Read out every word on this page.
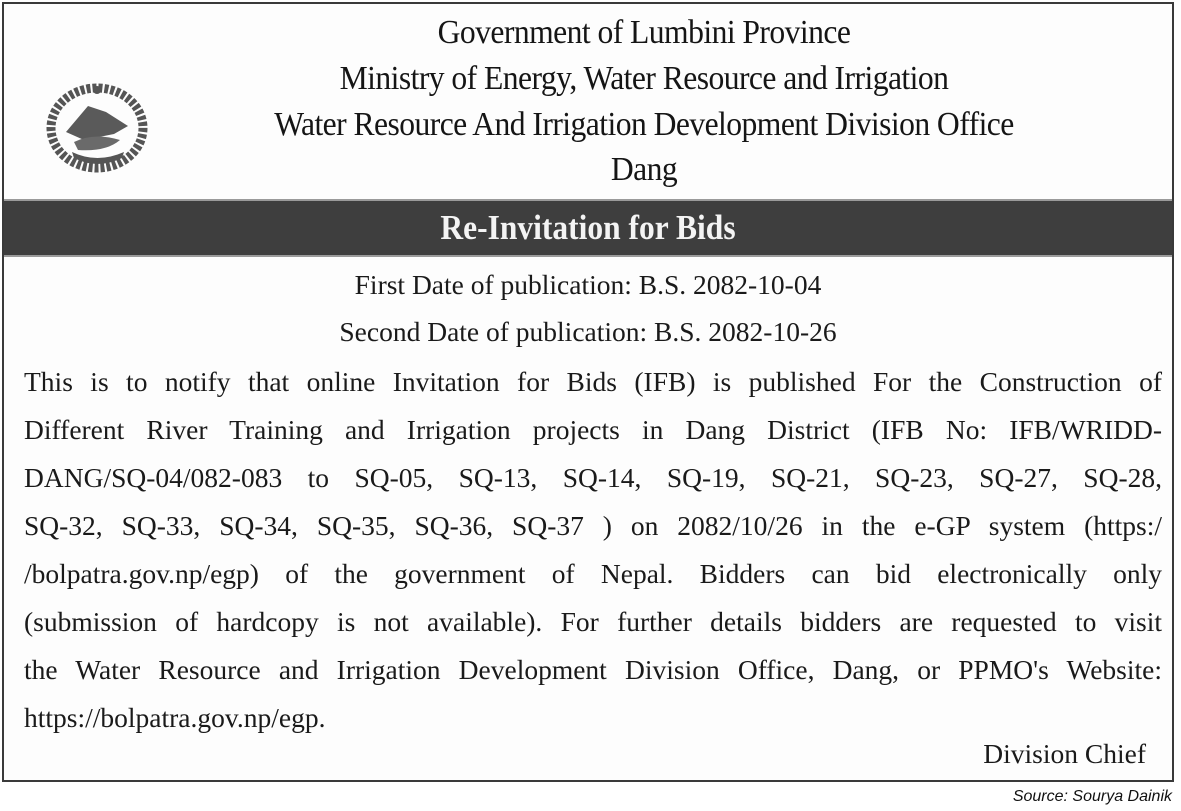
Government of Lumbini Province
Ministry of Energy, Water Resource and Irrigation
Water Resource And Irrigation Development Division Office
Dang
Re-Invitation for Bids
First Date of publication: B.S. 2082-10-04
Second Date of publication: B.S. 2082-10-26
This is to notify that online Invitation for Bids (IFB) is published For the Construction of
Different River Training and Irrigation projects in Dang District (IFB No: IFB/WRIDD-
DANG/SQ-04/082-083 to SQ-05, SQ-13, SQ-14, SQ-19, SQ-21, SQ-23, SQ-27, SQ-28,
SQ-32, SQ-33, SQ-34, SQ-35, SQ-36, SQ-37 ) on 2082/10/26 in the e-GP system (https:/
/bolpatra.gov.np/egp) of the government of Nepal. Bidders can bid electronically only
(submission of hardcopy is not available). For further details bidders are requested to visit
the Water Resource and Irrigation Development Division Office, Dang, or PPMO's Website:
https://bolpatra.gov.np/egp.
Division Chief
Source: Sourya Dainik
